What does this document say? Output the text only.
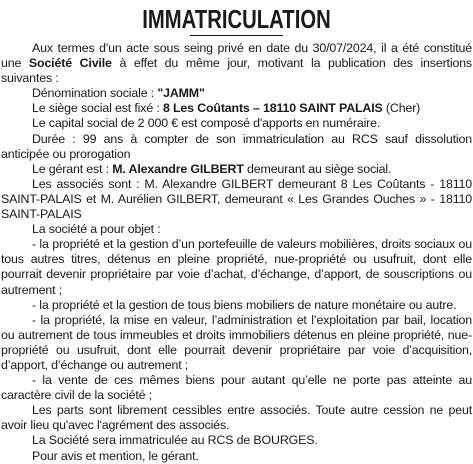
IMMATRICULATION

Aux termes d'un acte sous seing privé en date du 30/07/2024, il a été constitué une Société Civile à effet du même jour, motivant la publication des insertions suivantes :

Dénomination sociale : "JAMM"

Le siège social est fixé : 8 Les Coûtants – 18110 SAINT PALAIS (Cher)

Le capital social de 2 000 € est composé d'apports en numéraire.

Durée : 99 ans à compter de son immatriculation au RCS sauf dissolution anticipée ou prorogation

Le gérant est : M. Alexandre GILBERT demeurant au siège social.

Les associés sont : M. Alexandre GILBERT demeurant 8 Les Coûtants - 18110 SAINT-PALAIS et M. Aurélien GILBERT, demeurant « Les Grandes Ouches » - 18110 SAINT-PALAIS

La société a pour objet :

- la propriété et la gestion d’un portefeuille de valeurs mobilières, droits sociaux ou tous autres titres, détenus en pleine propriété, nue-propriété ou usufruit, dont elle pourrait devenir propriétaire par voie d’achat, d’échange, d’apport, de souscriptions ou autrement ;

- la propriété et la gestion de tous biens mobiliers de nature monétaire ou autre.

- la propriété, la mise en valeur, l’administration et l’exploitation par bail, location ou autrement de tous immeubles et droits immobiliers détenus en pleine propriété, nue-propriété ou usufruit, dont elle pourrait devenir propriétaire par voie d’acquisition, d’apport, d’échange ou autrement ;

- la vente de ces mêmes biens pour autant qu’elle ne porte pas atteinte au caractère civil de la société ;

Les parts sont librement cessibles entre associés. Toute autre cession ne peut avoir lieu qu'avec l'agrément des associés.

La Société sera immatriculée au RCS de BOURGES.

Pour avis et mention, le gérant.
